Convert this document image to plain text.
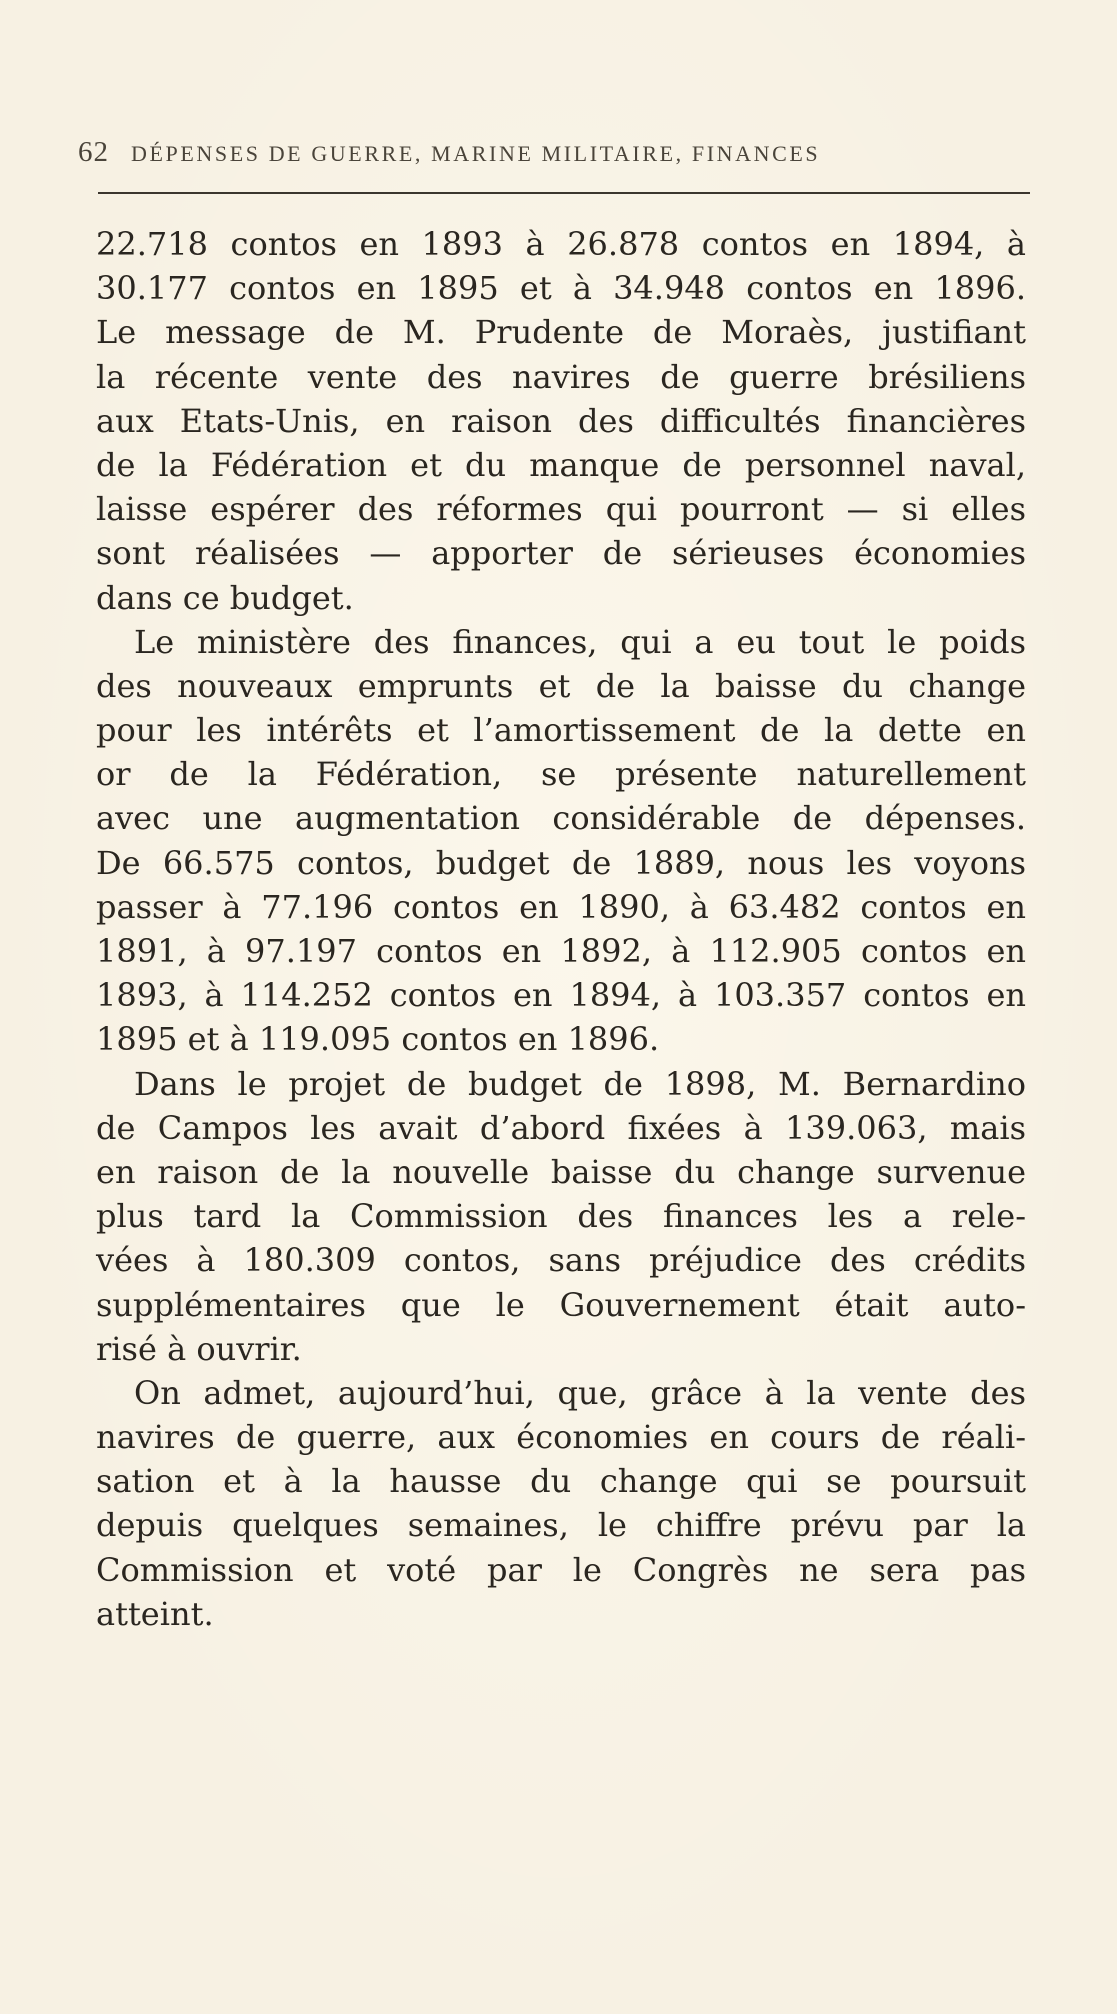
62 DÉPENSES DE GUERRE, MARINE MILITAIRE, FINANCES
22.718 contos en 1893 à 26.878 contos en 1894, à
30.177 contos en 1895 et à 34.948 contos en 1896.
Le message de M. Prudente de Moraès, justifiant
la récente vente des navires de guerre brésiliens
aux Etats-Unis, en raison des difficultés financières
de la Fédération et du manque de personnel naval,
laisse espérer des réformes qui pourront — si elles
sont réalisées — apporter de sérieuses économies
dans ce budget.
Le ministère des finances, qui a eu tout le poids
des nouveaux emprunts et de la baisse du change
pour les intérêts et l’amortissement de la dette en
or de la Fédération, se présente naturellement
avec une augmentation considérable de dépenses.
De 66.575 contos, budget de 1889, nous les voyons
passer à 77.196 contos en 1890, à 63.482 contos en
1891, à 97.197 contos en 1892, à 112.905 contos en
1893, à 114.252 contos en 1894, à 103.357 contos en
1895 et à 119.095 contos en 1896.
Dans le projet de budget de 1898, M. Bernardino
de Campos les avait d’abord fixées à 139.063, mais
en raison de la nouvelle baisse du change survenue
plus tard la Commission des finances les a rele-
vées à 180.309 contos, sans préjudice des crédits
supplémentaires que le Gouvernement était auto-
risé à ouvrir.
On admet, aujourd’hui, que, grâce à la vente des
navires de guerre, aux économies en cours de réali-
sation et à la hausse du change qui se poursuit
depuis quelques semaines, le chiffre prévu par la
Commission et voté par le Congrès ne sera pas
atteint.
